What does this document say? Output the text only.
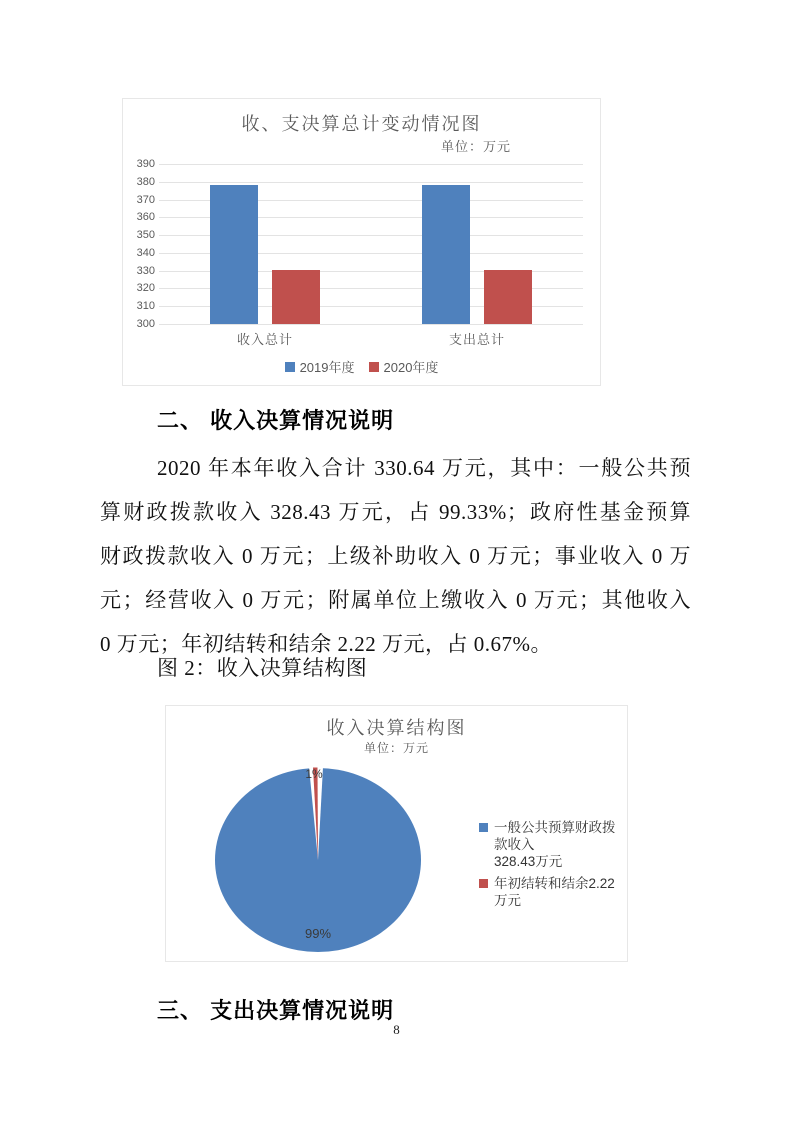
收、支决算总计变动情况图
单位：万元
390
380
370
360
350
340
330
320
310
300
收入总计	支出总计
2019年度 2020年度
二、 收入决算情况说明
2020 年本年收入合计 330.64 万元，其中：一般公共预
算财政拨款收入 328.43 万元，占 99.33%；政府性基金预算
财政拨款收入 0 万元；上级补助收入 0 万元；事业收入 0 万
元；经营收入 0 万元；附属单位上缴收入 0 万元；其他收入
0 万元；年初结转和结余 2.22 万元，占 0.67%。
图 2：收入决算结构图
收入决算结构图
单位：万元
1%
99%
一般公共预算财政拨款收入
328.43万元
年初结转和结余2.22万元
三、 支出决算情况说明
8
